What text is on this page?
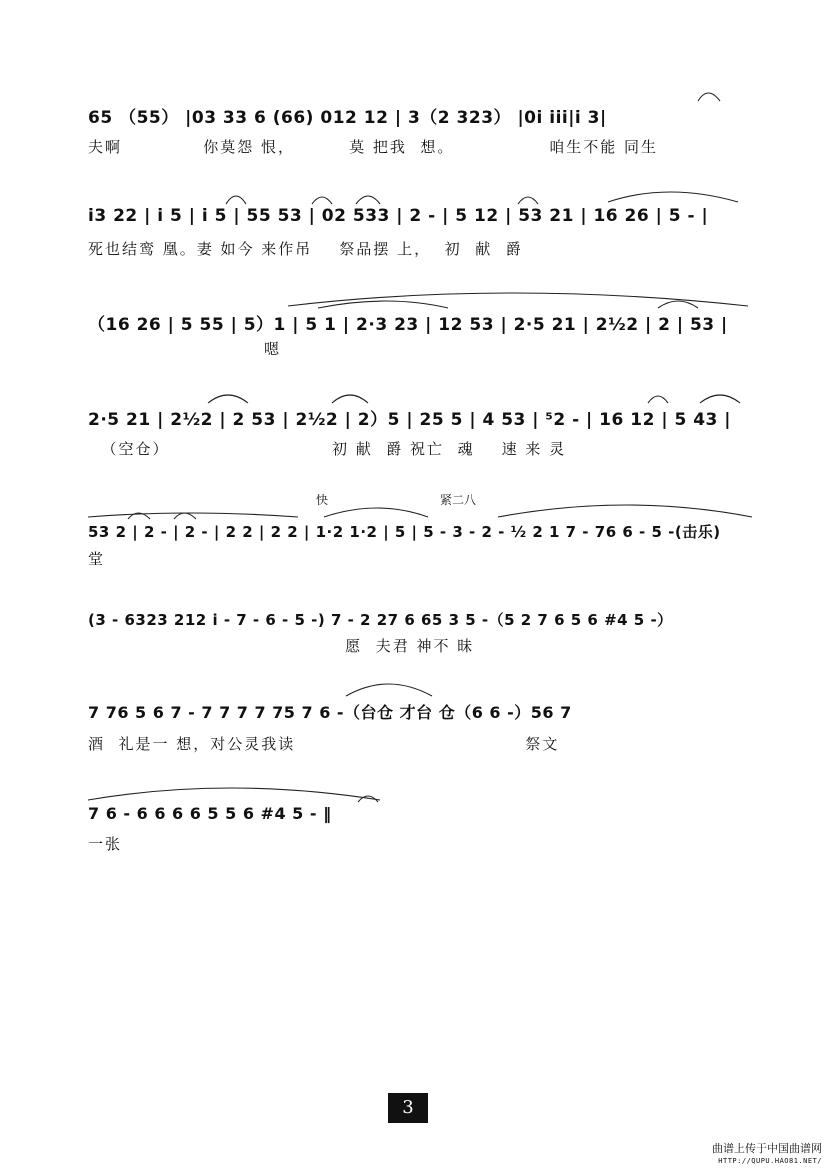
65 （55） |03 33 6 (66) 012 12 | 3（2 323） |0i iii|i 3|
夫啊            你莫怨 恨，        莫 把我  想。              咱生不能 同生
i3 22 | i 5 | i 5 | 55 53 | 02 533 | 2 - | 5 12 | 53 21 | 16 26 | 5 - |
死也结鸾 凰。妻 如今 来作吊    祭品摆 上，  初  献  爵
（16 26 | 5 55 | 5）1 | 5 1 | 2·3 23 | 12 53 | 2·5 21 | 2½2 | 2 | 53 |
嗯
2·5 21 | 2½2 | 2 53 | 2½2 | 2）5 | 25 5 | 4 53 | ⁵2 - | 16 12 | 5 43 |
（空仓）                        初 献  爵 祝亡  魂    速 来 灵
快	紧二八
53 2 | 2 - | 2 - | 2 2 | 2 2 | 1·2 1·2 | 5 | 5 - 3 - 2 - ½ 2 1 7 - 76 6 - 5 -(击乐)
堂
(3 - 6323 212 i - 7 - 6 - 5 -) 7 - 2 27 6 65 3 5 -（5 2 7 6 5 6 #4 5 -）
愿  夫君 神不 昧
7 76 5 6 7 - 7 7 7 7 75 7 6 -（台仓 才台 仓（6 6 -）56 7
酒  礼是一 想，对公灵我读                                  祭文
7 6 - 6 6 6 6 5 5 6 #4 5 - ‖
一张
3
曲谱上传于中国曲谱网
HTTP://QUPU.HAO81.NET/
